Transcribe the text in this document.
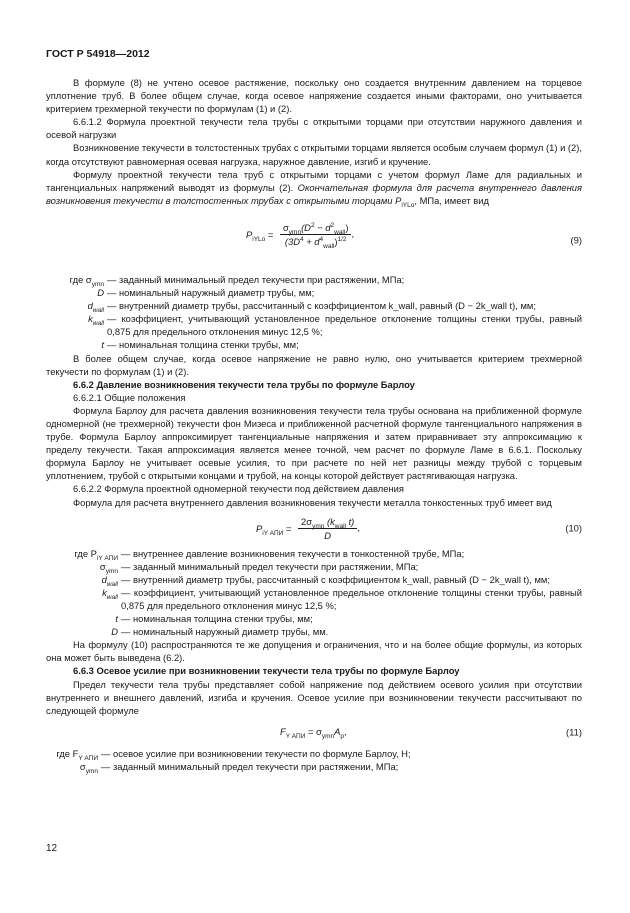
ГОСТ Р 54918—2012
В формуле (8) не учтено осевое растяжение, поскольку оно создается внутренним давлением на торцевое уплотнение труб. В более общем случае, когда осевое напряжение создается иными факторами, оно учитывается критерием трехмерной текучести по формулам (1) и (2).
6.6.1.2 Формула проектной текучести тела трубы с открытыми торцами при отсутствии наружного давления и осевой нагрузки
Возникновение текучести в толстостенных трубах с открытыми торцами является особым случаем формул (1) и (2), когда отсутствуют равномерная осевая нагрузка, наружное давление, изгиб и кручение.
Формулу проектной текучести тела труб с открытыми торцами с учетом формул Ламе для радиальных и тангенциальных напряжений выводят из формулы (2). Окончательная формула для расчета внутреннего давления возникновения текучести в толстостенных трубах с открытыми торцами $P_{iYLo}$, МПа, имеет вид
$P_{iYLo} = \frac{\sigma_{ymn}(D^2 - d^2_{wall})}{(3D^4 + d^4_{wall})^{1/2}}$ ,
(9)
где $\sigma_{ymn}$ — заданный минимальный предел текучести при растяжении, МПа;
D — номинальный наружный диаметр трубы, мм;
$d_{wall}$ — внутренний диаметр трубы, рассчитанный с коэффициентом k_wall, равный (D − 2k_wall t), мм;
$k_{wall}$ — коэффициент, учитывающий установленное предельное отклонение толщины стенки трубы, равный 0,875 для предельного отклонения минус 12,5 %;
t — номинальная толщина стенки трубы, мм;
В более общем случае, когда осевое напряжение не равно нулю, оно учитывается критерием трехмерной текучести по формулам (1) и (2).
6.6.2 Давление возникновения текучести тела трубы по формуле Барлоу
6.6.2.1 Общие положения
Формула Барлоу для расчета давления возникновения текучести тела трубы основана на приближенной формуле одномерной (не трехмерной) текучести фон Мизеса и приближенной расчетной формуле тангенциального напряжения в трубе. Формула Барлоу аппроксимирует тангенциальные напряжения и затем приравнивает эту аппроксимацию к пределу текучести. Такая аппроксимация является менее точной, чем расчет по формуле Ламе в 6.6.1. Поскольку формула Барлоу не учитывает осевые усилия, то при расчете по ней нет разницы между трубой с торцевым уплотнением, трубой с открытыми концами и трубой, на концы которой действует растягивающая нагрузка.
6.6.2.2 Формула проектной одномерной текучести под действием давления
Формула для расчета внутреннего давления возникновения текучести металла тонкостенных труб имеет вид
$P_{iY АПИ} = \frac{2\sigma_{ymn} (k_{wall} t)}{D}$ ,	(10)
где $P_{iY АПИ}$ — внутреннее давление возникновения текучести в тонкостенной трубе, МПа;
$\sigma_{ymn}$ — заданный минимальный предел текучести при растяжении, МПа;
$d_{wall}$ — внутренний диаметр трубы, рассчитанный с коэффициентом k_wall, равный (D − 2k_wall t), мм;
$k_{wall}$ — коэффициент, учитывающий установленное предельное отклонение толщины стенки трубы, равный 0,875 для предельного отклонения минус 12,5 %;
t — номинальная толщина стенки трубы, мм;
D — номинальный наружный диаметр трубы, мм.
На формулу (10) распространяются те же допущения и ограничения, что и на более общие формулы, из которых она может быть выведена (6.2).
6.6.3 Осевое усилие при возникновении текучести тела трубы по формуле Барлоу
Предел текучести тела трубы представляет собой напряжение под действием осевого усилия при отсутствии внутреннего и внешнего давлений, изгиба и кручения. Осевое усилие при возникновении текучести рассчитывают по следующей формуле
$F_{Y АПИ} = \sigma_{ymn}A_p$,	(11)
где $F_{Y АПИ}$ — осевое усилие при возникновении текучести по формуле Барлоу, Н;
$\sigma_{ymn}$ — заданный минимальный предел текучести при растяжении, МПа;
12
